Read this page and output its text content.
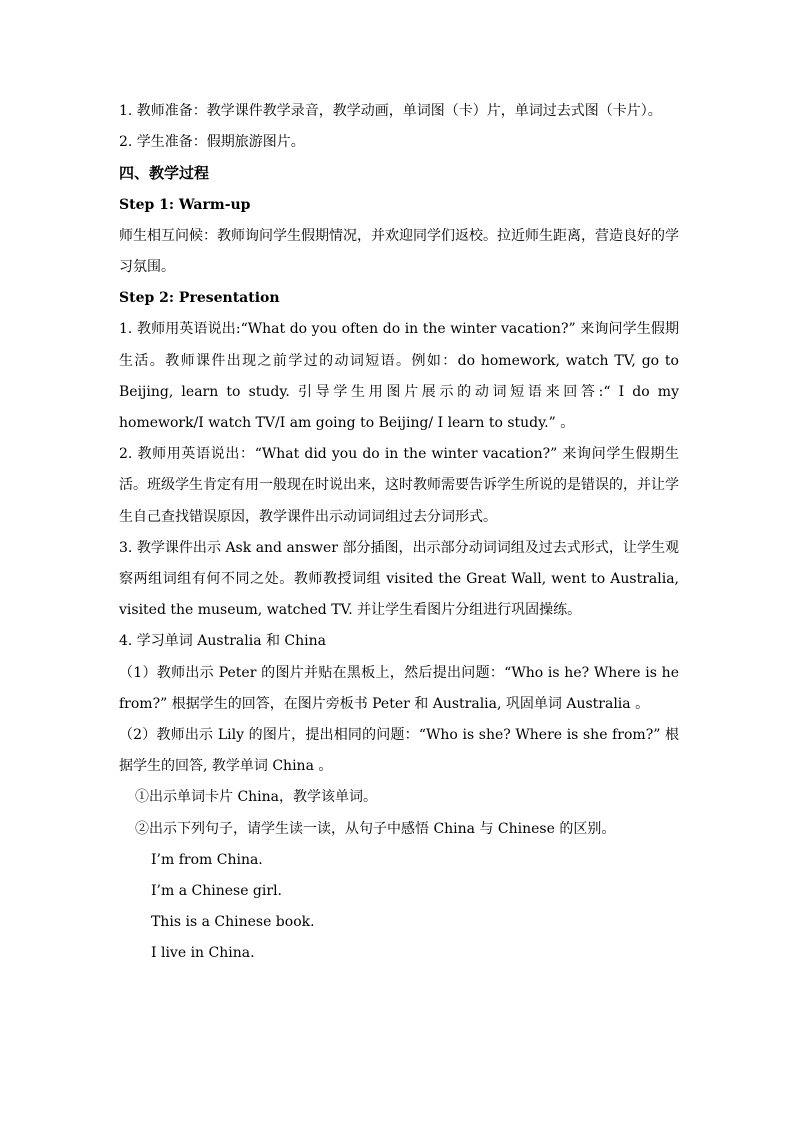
1. 教师准备：教学课件教学录音，教学动画，单词图（卡）片，单词过去式图（卡片）。

2. 学生准备：假期旅游图片。

四、教学过程

Step 1: Warm-up

师生相互问候：教师询问学生假期情况，并欢迎同学们返校。拉近师生距离，营造良好的学习氛围。

Step 2: Presentation

1. 教师用英语说出:“What do you often do in the winter vacation?” 来询问学生假期生活。教师课件出现之前学过的动词短语。例如：do homework, watch TV, go to Beijing, learn to study. 引导学生用图片展示的动词短语来回答:“ I do my homework/I watch TV/I am going to Beijing/ I learn to study.” 。

2. 教师用英语说出：“What did you do in the winter vacation?” 来询问学生假期生活。班级学生肯定有用一般现在时说出来，这时教师需要告诉学生所说的是错误的，并让学生自己查找错误原因，教学课件出示动词词组过去分词形式。

3. 教学课件出示 Ask and answer 部分插图，出示部分动词词组及过去式形式，让学生观察两组词组有何不同之处。教师教授词组 visited the Great Wall, went to Australia, visited the museum, watched TV. 并让学生看图片分组进行巩固操练。

4. 学习单词 Australia 和 China

（1）教师出示 Peter 的图片并贴在黑板上，然后提出问题：“Who is he? Where is he from?” 根据学生的回答，在图片旁板书 Peter 和 Australia, 巩固单词 Australia 。

（2）教师出示 Lily 的图片，提出相同的问题：“Who is she? Where is she from?” 根据学生的回答, 教学单词 China 。

①出示单词卡片 China，教学该单词。

②出示下列句子，请学生读一读，从句子中感悟 China 与 Chinese 的区别。

I’m from China.

I’m a Chinese girl.

This is a Chinese book.

I live in China.
